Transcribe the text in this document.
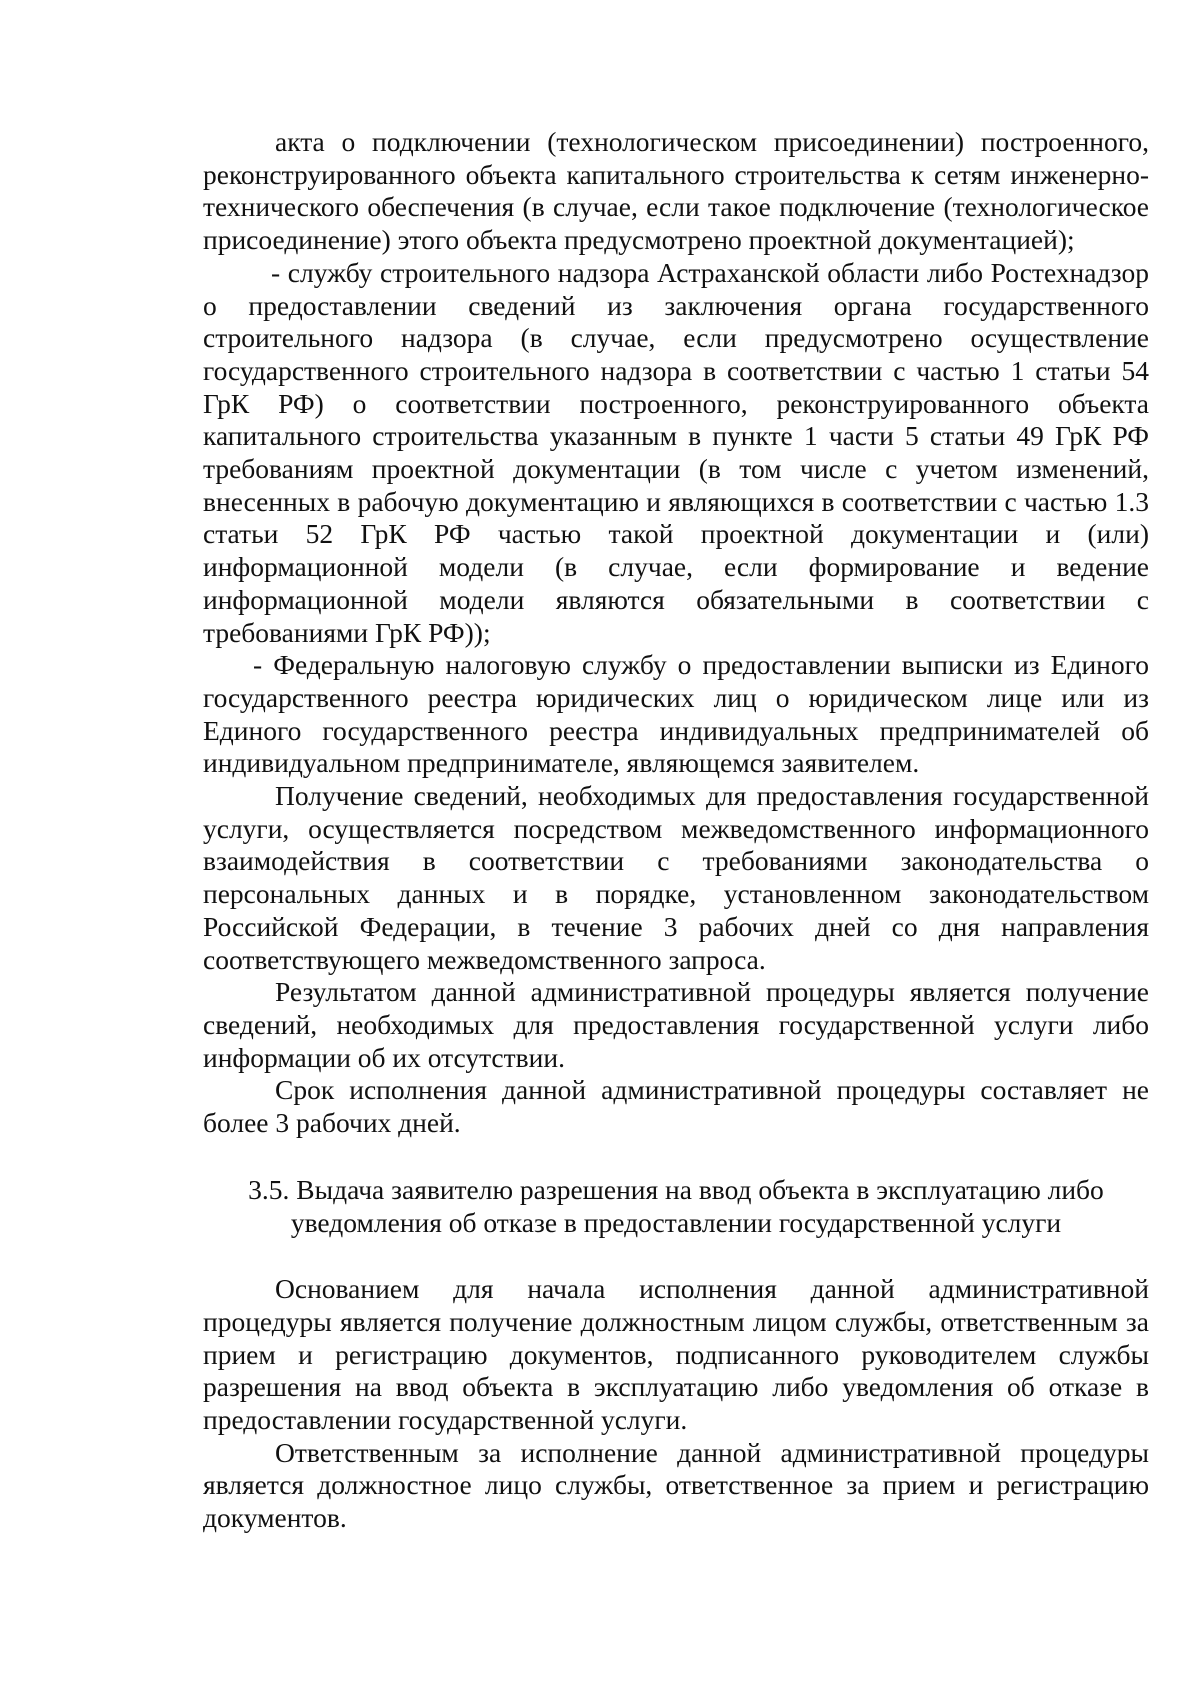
акта о подключении (технологическом присоединении) построенного, реконструированного объекта капитального строительства к сетям инженерно-технического обеспечения (в случае, если такое подключение (технологическое присоединение) этого объекта предусмотрено проектной документацией);

- службу строительного надзора Астраханской области либо Ростехнадзор о предоставлении сведений из заключения органа государственного строительного надзора (в случае, если предусмотрено осуществление государственного строительного надзора в соответствии с частью 1 статьи 54 ГрК РФ) о соответствии построенного, реконструированного объекта капитального строительства указанным в пункте 1 части 5 статьи 49 ГрК РФ требованиям проектной документации (в том числе с учетом изменений, внесенных в рабочую документацию и являющихся в соответствии с частью 1.3 статьи 52 ГрК РФ частью такой проектной документации и (или) информационной модели (в случае, если формирование и ведение информационной модели являются обязательными в соответствии с требованиями ГрК РФ));

- Федеральную налоговую службу о предоставлении выписки из Единого государственного реестра юридических лиц о юридическом лице или из Единого государственного реестра индивидуальных предпринимателей об индивидуальном предпринимателе, являющемся заявителем.

Получение сведений, необходимых для предоставления государственной услуги, осуществляется посредством межведомственного информационного взаимодействия в соответствии с требованиями законодательства о персональных данных и в порядке, установленном законодательством Российской Федерации, в течение 3 рабочих дней со дня направления соответствующего межведомственного запроса.

Результатом данной административной процедуры является получение сведений, необходимых для предоставления государственной услуги либо информации об их отсутствии.

Срок исполнения данной административной процедуры составляет не более 3 рабочих дней.

3.5. Выдача заявителю разрешения на ввод объекта в эксплуатацию либо
уведомления об отказе в предоставлении государственной услуги

Основанием для начала исполнения данной административной процедуры является получение должностным лицом службы, ответственным за прием и регистрацию документов, подписанного руководителем службы разрешения на ввод объекта в эксплуатацию либо уведомления об отказе в предоставлении государственной услуги.

Ответственным за исполнение данной административной процедуры является должностное лицо службы, ответственное за прием и регистрацию документов.
